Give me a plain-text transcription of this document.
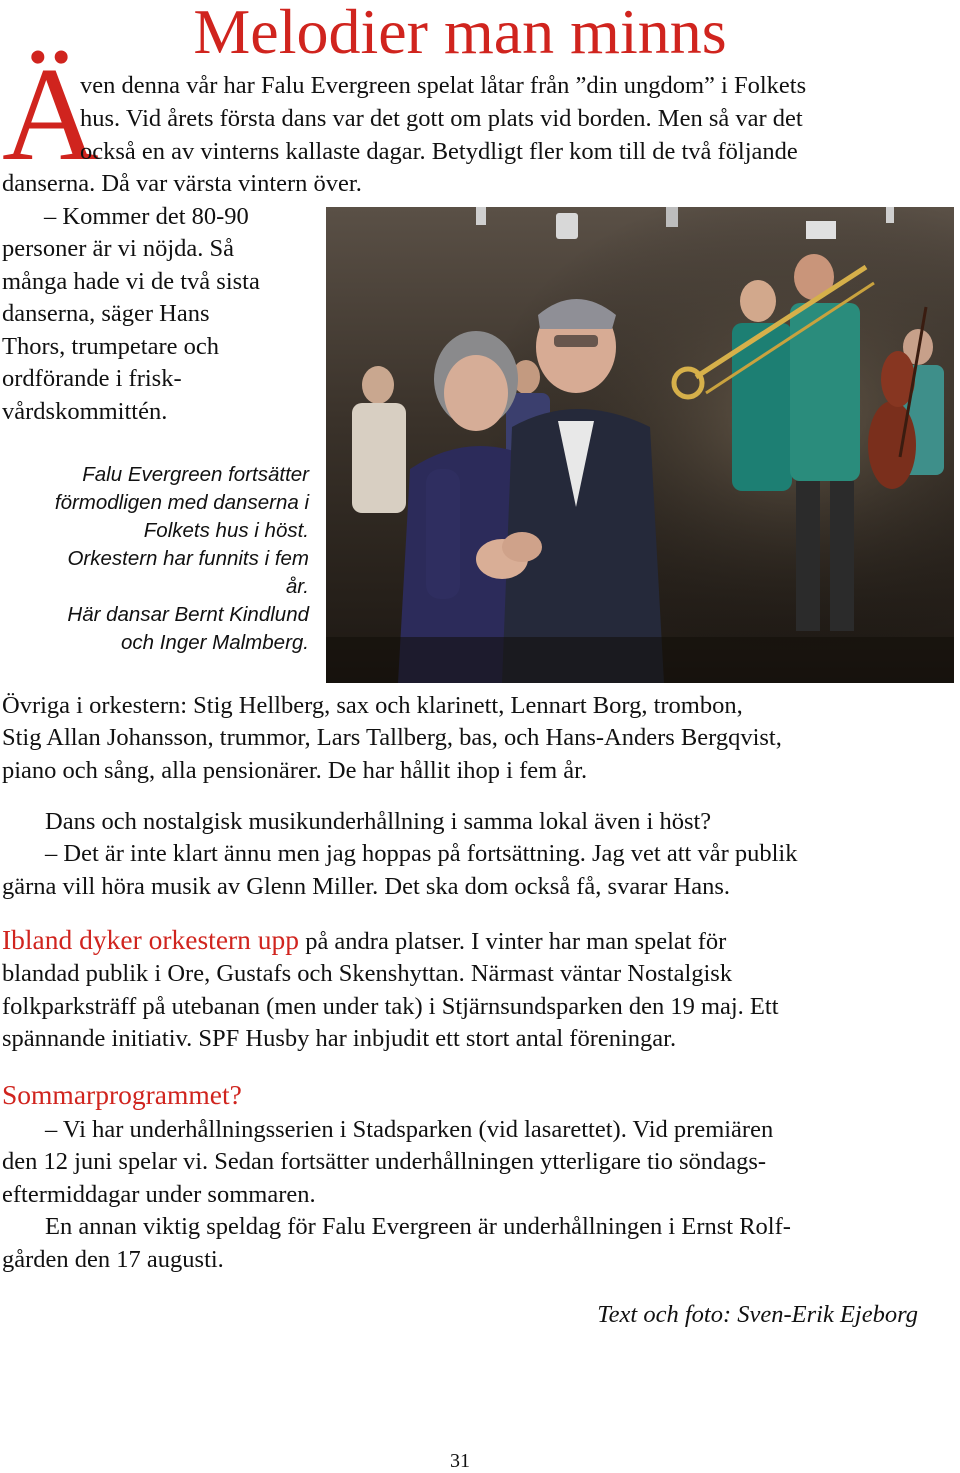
Melodier man minns
Ä
ven denna vår har Falu Evergreen spelat låtar från ”din ungdom” i Folkets
hus. Vid årets första dans var det gott om plats vid borden. Men så var det
också en av vinterns kallaste dagar. Betydligt fler kom till de två följande
danserna. Då var värsta vintern över.
– Kommer det 80-90
personer är vi nöjda. Så
många hade vi de två sista
danserna, säger Hans
Thors, trumpetare och
ordförande i frisk-
vårdskommittén.
Falu Evergreen fortsätter
förmodligen med danserna i
Folkets hus i höst.
Orkestern har funnits i fem
år.
Här dansar Bernt Kindlund
och Inger Malmberg.
Övriga i orkestern: Stig Hellberg, sax och klarinett, Lennart Borg, trombon,
Stig Allan Johansson, trummor, Lars Tallberg, bas, och Hans-Anders Bergqvist,
piano och sång, alla pensionärer. De har hållit ihop i fem år.
Dans och nostalgisk musikunderhållning i samma lokal även i höst?
– Det är inte klart ännu men jag hoppas på fortsättning. Jag vet att vår publik
gärna vill höra musik av Glenn Miller. Det ska dom också få, svarar Hans.
Ibland dyker orkestern upp på andra platser. I vinter har man spelat för
blandad publik i Ore, Gustafs och Skenshyttan. Närmast väntar Nostalgisk
folkparksträff på utebanan (men under tak) i Stjärnsundsparken den 19 maj. Ett
spännande initiativ. SPF Husby har inbjudit ett stort antal föreningar.
Sommarprogrammet?
– Vi har underhållningsserien i Stadsparken (vid lasarettet). Vid premiären
den 12 juni spelar vi. Sedan fortsätter underhållningen ytterligare tio söndags-
eftermiddagar under sommaren.
En annan viktig speldag för Falu Evergreen är underhållningen i Ernst Rolf-
gården den 17 augusti.
Text och foto: Sven-Erik Ejeborg
31
